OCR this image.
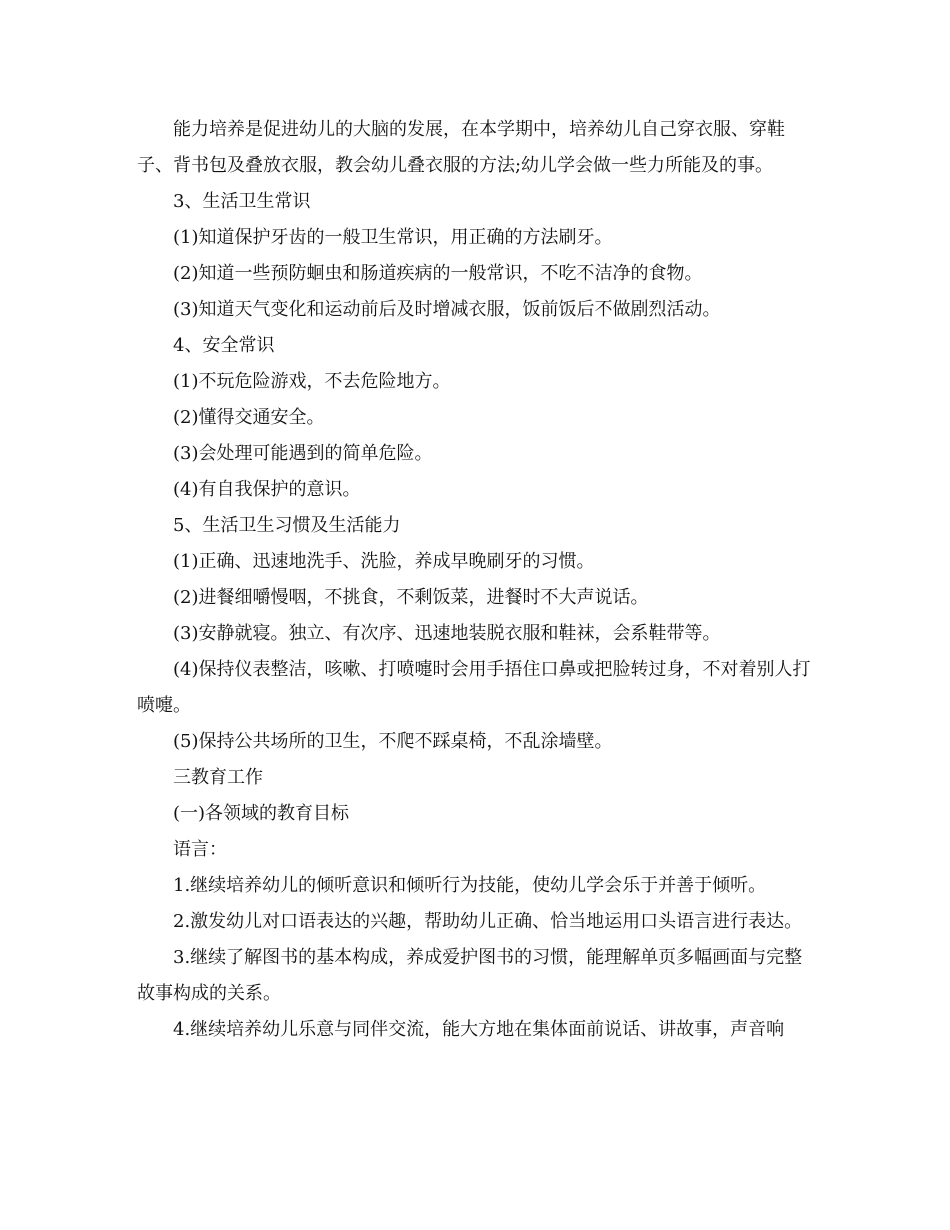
能力培养是促进幼儿的大脑的发展，在本学期中，培养幼儿自己穿衣服、穿鞋子、背书包及叠放衣服，教会幼儿叠衣服的方法;幼儿学会做一些力所能及的事。

3、生活卫生常识

(1)知道保护牙齿的一般卫生常识，用正确的方法刷牙。

(2)知道一些预防蛔虫和肠道疾病的一般常识，不吃不洁净的食物。

(3)知道天气变化和运动前后及时增减衣服，饭前饭后不做剧烈活动。

4、安全常识

(1)不玩危险游戏，不去危险地方。

(2)懂得交通安全。

(3)会处理可能遇到的简单危险。

(4)有自我保护的意识。

5、生活卫生习惯及生活能力

(1)正确、迅速地洗手、洗脸，养成早晚刷牙的习惯。

(2)进餐细嚼慢咽，不挑食，不剩饭菜，进餐时不大声说话。

(3)安静就寝。独立、有次序、迅速地装脱衣服和鞋袜，会系鞋带等。

(4)保持仪表整洁，咳嗽、打喷嚏时会用手捂住口鼻或把脸转过身，不对着别人打喷嚏。

(5)保持公共场所的卫生，不爬不踩桌椅，不乱涂墙壁。

三教育工作

(一)各领域的教育目标

语言：

1.继续培养幼儿的倾听意识和倾听行为技能，使幼儿学会乐于并善于倾听。

2.激发幼儿对口语表达的兴趣，帮助幼儿正确、恰当地运用口头语言进行表达。

3.继续了解图书的基本构成，养成爱护图书的习惯，能理解单页多幅画面与完整故事构成的关系。

4.继续培养幼儿乐意与同伴交流，能大方地在集体面前说话、讲故事，声音响
